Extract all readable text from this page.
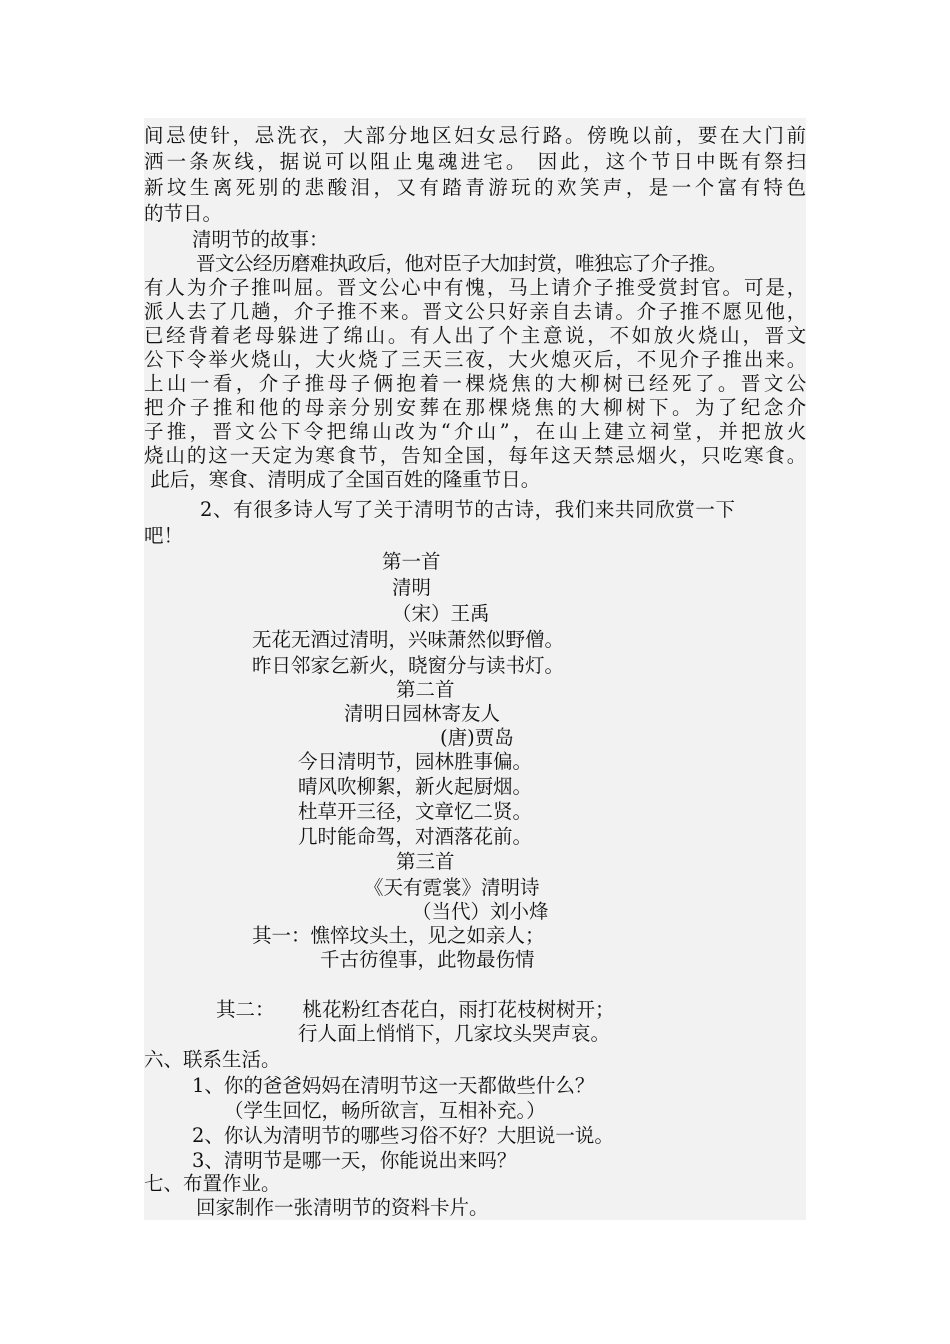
间忌使针，忌洗衣，大部分地区妇女忌行路。傍晚以前，要在大门前
洒一条灰线，据说可以阻止鬼魂进宅。 因此，这个节日中既有祭扫
新坟生离死别的悲酸泪，又有踏青游玩的欢笑声，是一个富有特色
的节日。
清明节的故事：
晋文公经历磨难执政后，他对臣子大加封赏，唯独忘了介子推。
有人为介子推叫屈。晋文公心中有愧，马上请介子推受赏封官。可是，
派人去了几趟，介子推不来。晋文公只好亲自去请。介子推不愿见他，
已经背着老母躲进了绵山。有人出了个主意说，不如放火烧山，晋文
公下令举火烧山，大火烧了三天三夜，大火熄灭后，不见介子推出来。
上山一看，介子推母子俩抱着一棵烧焦的大柳树已经死了。晋文公
把介子推和他的母亲分别安葬在那棵烧焦的大柳树下。为了纪念介
子推，晋文公下令把绵山改为“介山”，在山上建立祠堂，并把放火
烧山的这一天定为寒食节，告知全国，每年这天禁忌烟火，只吃寒食。
此后，寒食、清明成了全国百姓的隆重节日。
2、有很多诗人写了关于清明节的古诗，我们来共同欣赏一下
吧！
第一首
清明
（宋）王禹
无花无酒过清明，兴味萧然似野僧。
昨日邻家乞新火，晓窗分与读书灯。
第二首
清明日园林寄友人
(唐)贾岛
今日清明节，园林胜事偏。
晴风吹柳絮，新火起厨烟。
杜草开三径，文章忆二贤。
几时能命驾，对酒落花前。
第三首
《天有霓裳》清明诗
（当代）刘小烽
其一：憔悴坟头土，见之如亲人；
千古彷徨事，此物最伤情
其二： 桃花粉红杏花白，雨打花枝树树开；
行人面上悄悄下，几家坟头哭声哀。
六、联系生活。
1、你的爸爸妈妈在清明节这一天都做些什么？
（学生回忆，畅所欲言，互相补充。）
2、你认为清明节的哪些习俗不好？大胆说一说。
3、清明节是哪一天，你能说出来吗？
七、布置作业。
回家制作一张清明节的资料卡片。
